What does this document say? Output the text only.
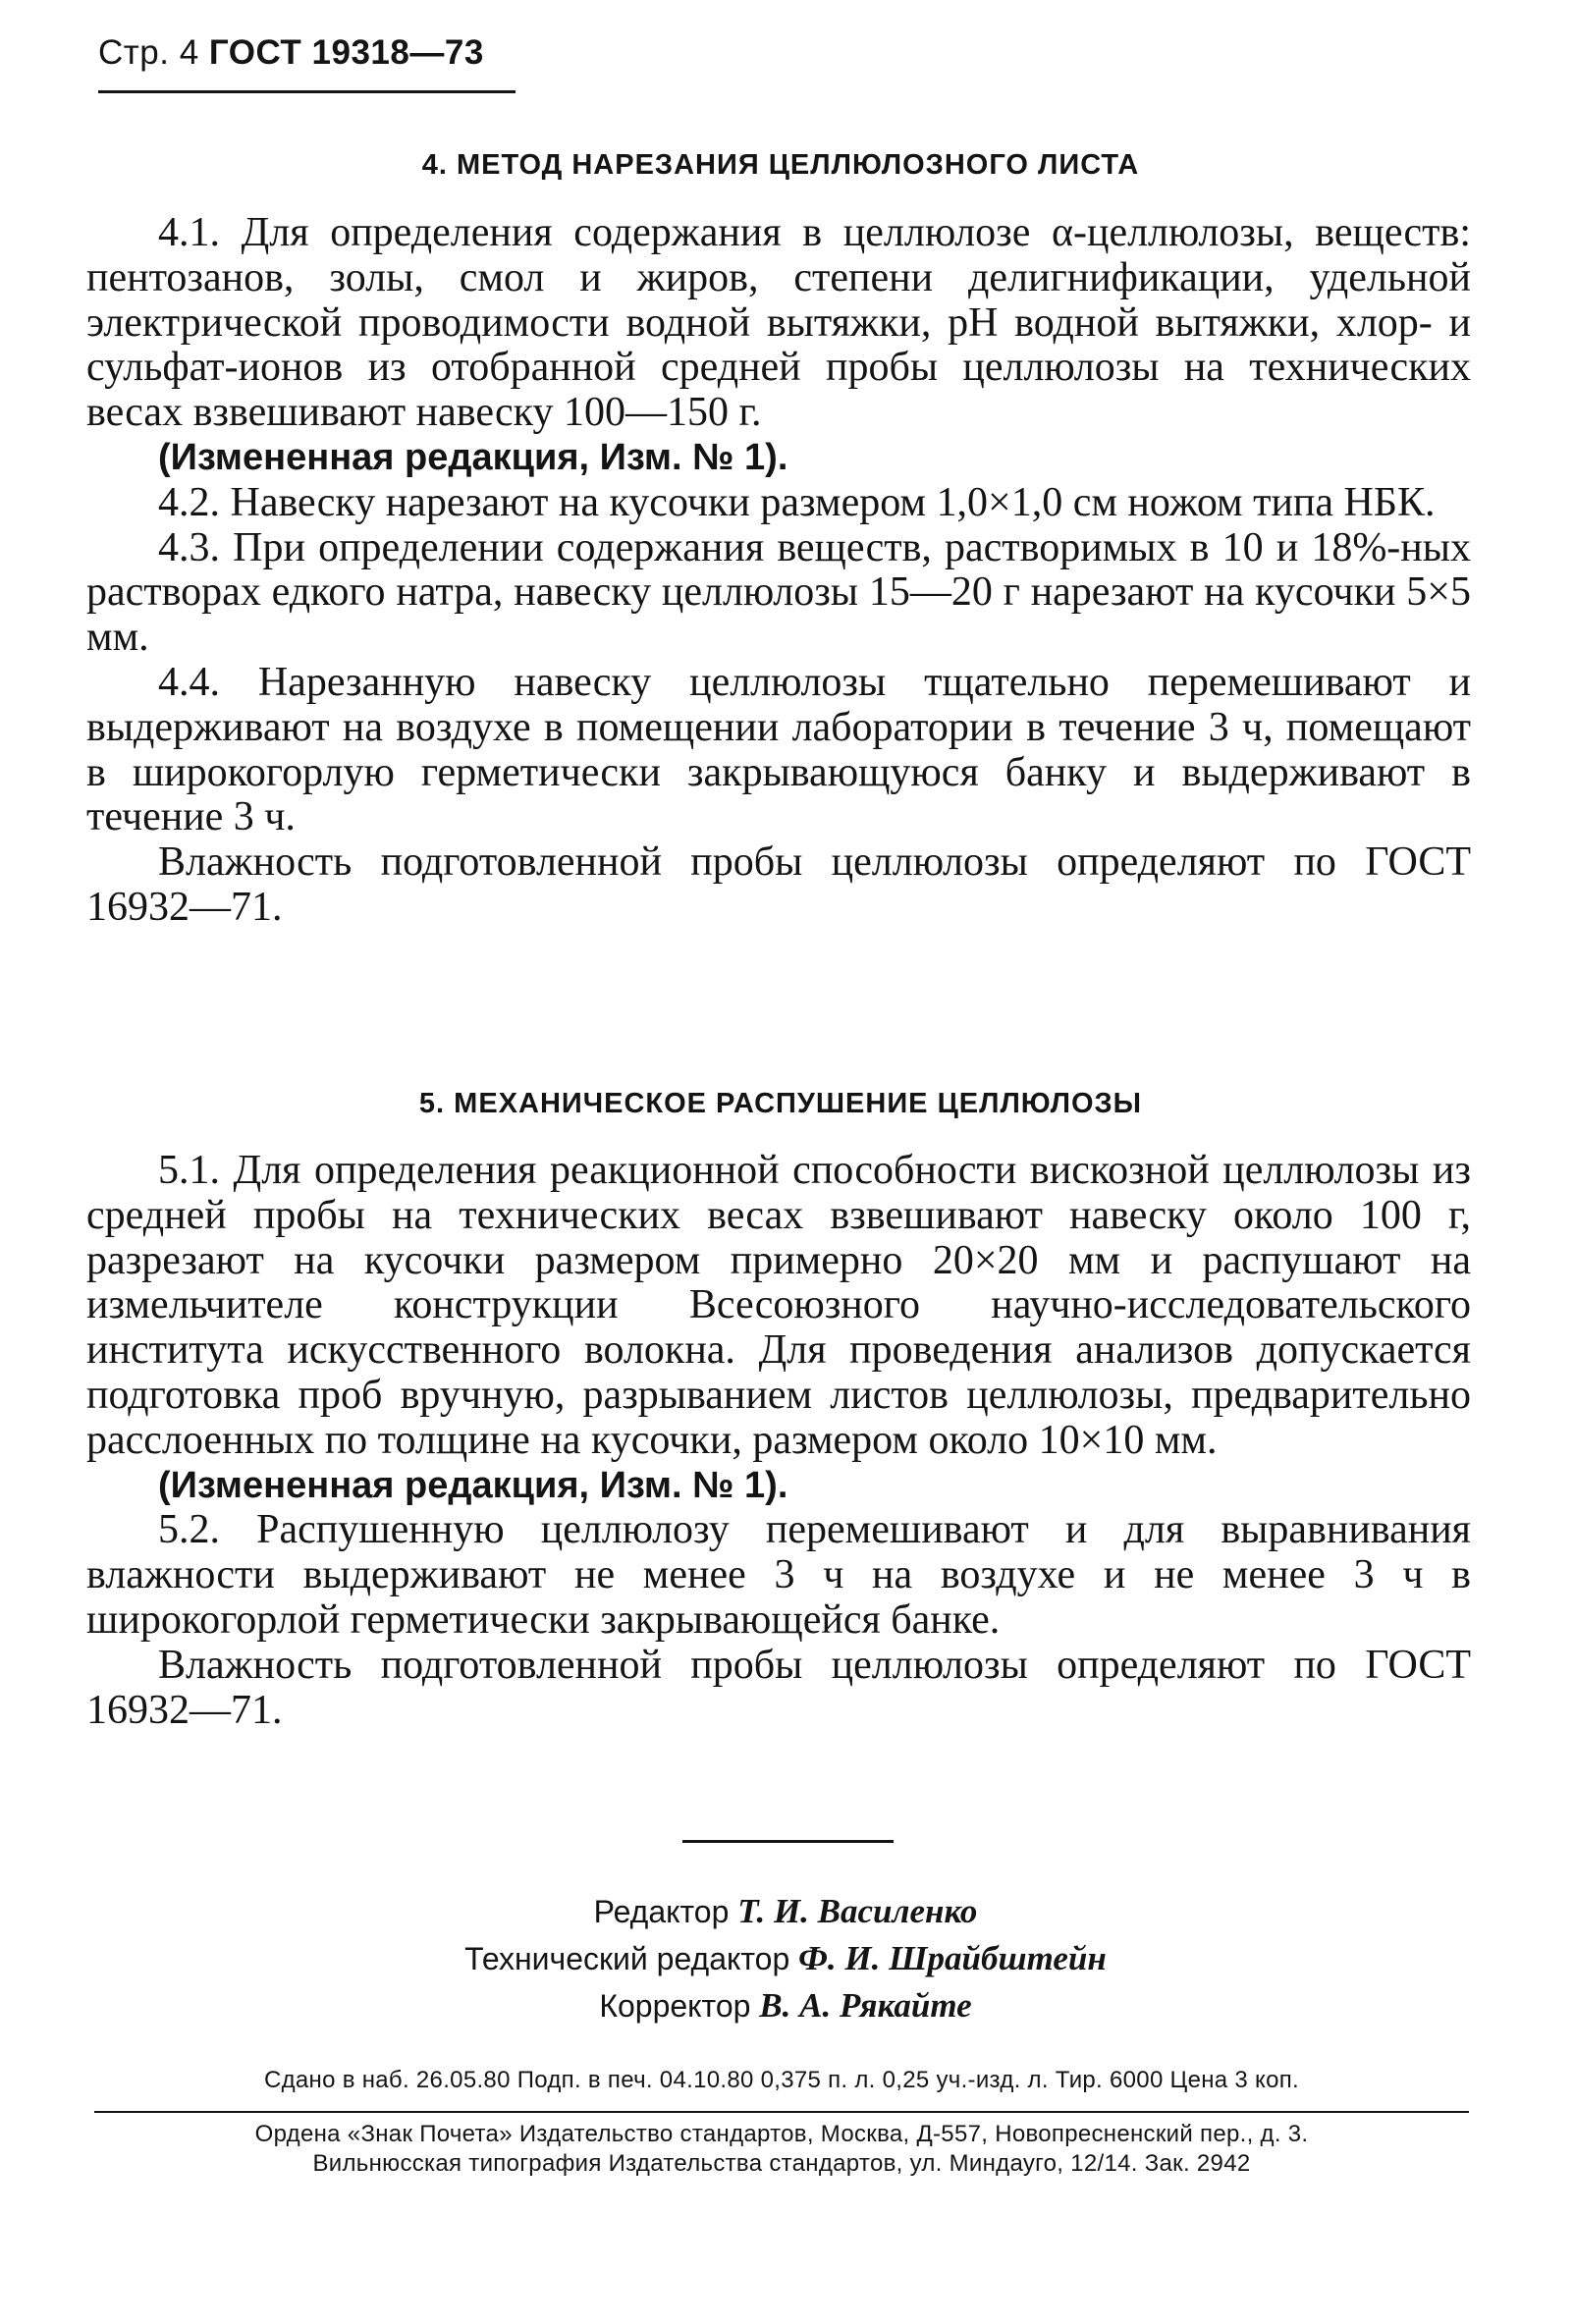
Стр. 4 ГОСТ 19318—73
4. МЕТОД НАРЕЗАНИЯ ЦЕЛЛЮЛОЗНОГО ЛИСТА

4.1. Для определения содержания в целлюлозе α-целлюлозы, веществ: пентозанов, золы, смол и жиров, степени делигнификации, удельной электрической проводимости водной вытяжки, pH водной вытяжки, хлор- и сульфат-ионов из отобранной средней пробы целлюлозы на технических весах взвешивают навеску 100—150 г.

(Измененная редакция, Изм. № 1).

4.2. Навеску нарезают на кусочки размером 1,0×1,0 см ножом типа НБК.

4.3. При определении содержания веществ, растворимых в 10 и 18%-ных растворах едкого натра, навеску целлюлозы 15—20 г нарезают на кусочки 5×5 мм.

4.4. Нарезанную навеску целлюлозы тщательно перемешивают и выдерживают на воздухе в помещении лаборатории в течение 3 ч, помещают в широкогорлую герметически закрывающуюся банку и выдерживают в течение 3 ч.

Влажность подготовленной пробы целлюлозы определяют по ГОСТ 16932—71.

5. МЕХАНИЧЕСКОЕ РАСПУШЕНИЕ ЦЕЛЛЮЛОЗЫ

5.1. Для определения реакционной способности вискозной целлюлозы из средней пробы на технических весах взвешивают навеску около 100 г, разрезают на кусочки размером примерно 20×20 мм и распушают на измельчителе конструкции Всесоюзного научно-исследовательского института искусственного волокна. Для проведения анализов допускается подготовка проб вручную, разрыванием листов целлюлозы, предварительно расслоенных по толщине на кусочки, размером около 10×10 мм.

(Измененная редакция, Изм. № 1).

5.2. Распушенную целлюлозу перемешивают и для выравнивания влажности выдерживают не менее 3 ч на воздухе и не менее 3 ч в широкогорлой герметически закрывающейся банке.

Влажность подготовленной пробы целлюлозы определяют по ГОСТ 16932—71.

Редактор Т. И. Василенко
Технический редактор Ф. И. Шрайбштейн
Корректор В. А. Рякайте
Сдано в наб. 26.05.80 Подп. в печ. 04.10.80 0,375 п. л. 0,25 уч.-изд. л. Тир. 6000 Цена 3 коп.
Ордена «Знак Почета» Издательство стандартов, Москва, Д-557, Новопресненский пер., д. 3.
Вильнюсская типография Издательства стандартов, ул. Миндауго, 12/14. Зак. 2942
